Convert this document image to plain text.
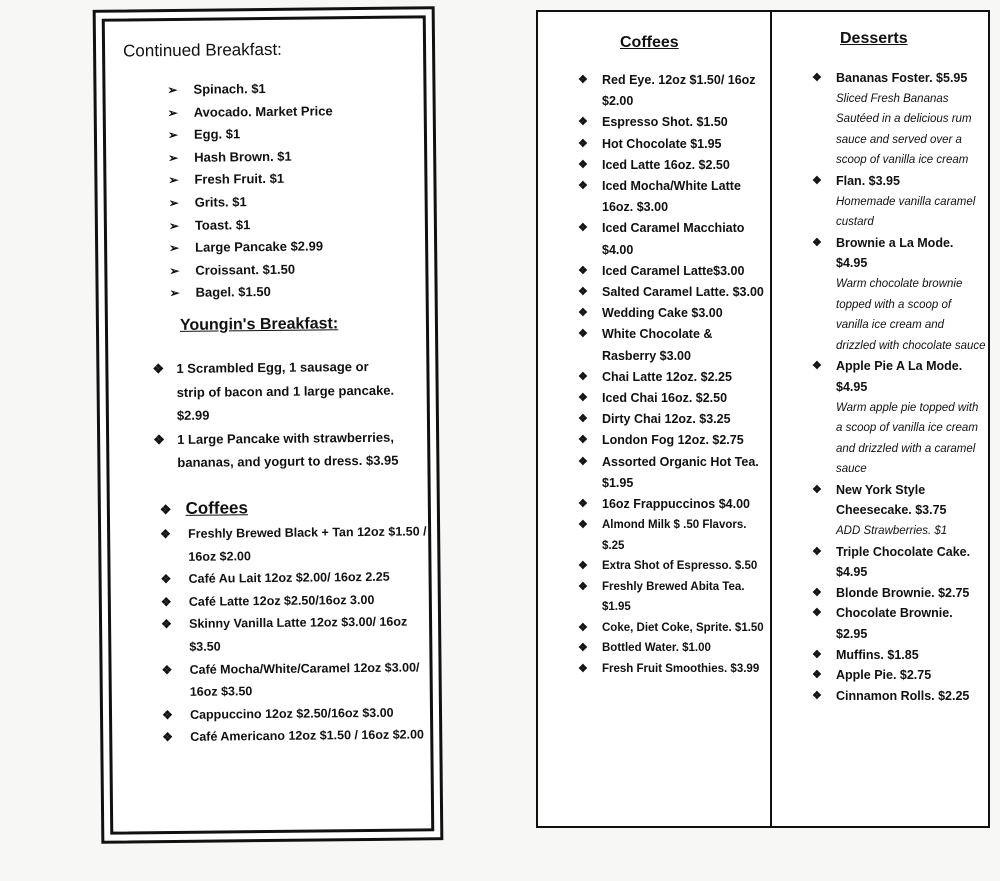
Continued Breakfast:
➢Spinach. $1
➢Avocado. Market Price
➢Egg. $1
➢Hash Brown. $1
➢Fresh Fruit. $1
➢Grits. $1
➢Toast. $1
➢Large Pancake $2.99
➢Croissant. $1.50
➢Bagel. $1.50
Youngin's Breakfast:
❖
1 Scrambled Egg, 1 sausage or strip of bacon and 1 large pancake. $2.99
❖
1 Large Pancake with strawberries, bananas, and yogurt to dress. $3.95
❖ Coffees
❖
Freshly Brewed Black + Tan 12oz $1.50 / 16oz $2.00
❖
Café Au Lait 12oz $2.00/ 16oz 2.25
❖
Café Latte 12oz $2.50/16oz 3.00
❖
Skinny Vanilla Latte 12oz $3.00/ 16oz $3.50
❖
Café Mocha/White/Caramel 12oz $3.00/ 16oz $3.50
❖
Cappuccino 12oz $2.50/16oz $3.00
❖
Café Americano 12oz $1.50 / 16oz $2.00
Coffees
❖
Red Eye. 12oz $1.50/ 16oz $2.00
❖
Espresso Shot. $1.50
❖
Hot Chocolate $1.95
❖
Iced Latte 16oz. $2.50
❖
Iced Mocha/White Latte 16oz. $3.00
❖
Iced Caramel Macchiato $4.00
❖
Iced Caramel Latte$3.00
❖
Salted Caramel Latte. $3.00
❖
Wedding Cake $3.00
❖
White Chocolate & Rasberry $3.00
❖
Chai Latte 12oz. $2.25
❖
Iced Chai 16oz. $2.50
❖
Dirty Chai 12oz. $3.25
❖
London Fog 12oz. $2.75
❖
Assorted Organic Hot Tea. $1.95
❖
16oz Frappuccinos $4.00
❖
Almond Milk $ .50 Flavors. $.25
❖
Extra Shot of Espresso. $.50
❖
Freshly Brewed Abita Tea. $1.95
❖
Coke, Diet Coke, Sprite. $1.50
❖
Bottled Water. $1.00
❖
Fresh Fruit Smoothies. $3.99
Desserts
❖
Bananas Foster. $5.95
Sliced Fresh Bananas Sautéed in a delicious rum sauce and served over a scoop of vanilla ice cream
❖
Flan. $3.95
Homemade vanilla caramel custard
❖
Brownie a La Mode. $4.95
Warm chocolate brownie topped with a scoop of vanilla ice cream and drizzled with chocolate sauce
❖
Apple Pie A La Mode. $4.95
Warm apple pie topped with a scoop of vanilla ice cream and drizzled with a caramel sauce
❖
New York Style Cheesecake. $3.75
ADD Strawberries. $1
❖
Triple Chocolate Cake. $4.95
❖
Blonde Brownie. $2.75
❖
Chocolate Brownie. $2.95
❖
Muffins. $1.85
❖
Apple Pie. $2.75
❖
Cinnamon Rolls. $2.25
